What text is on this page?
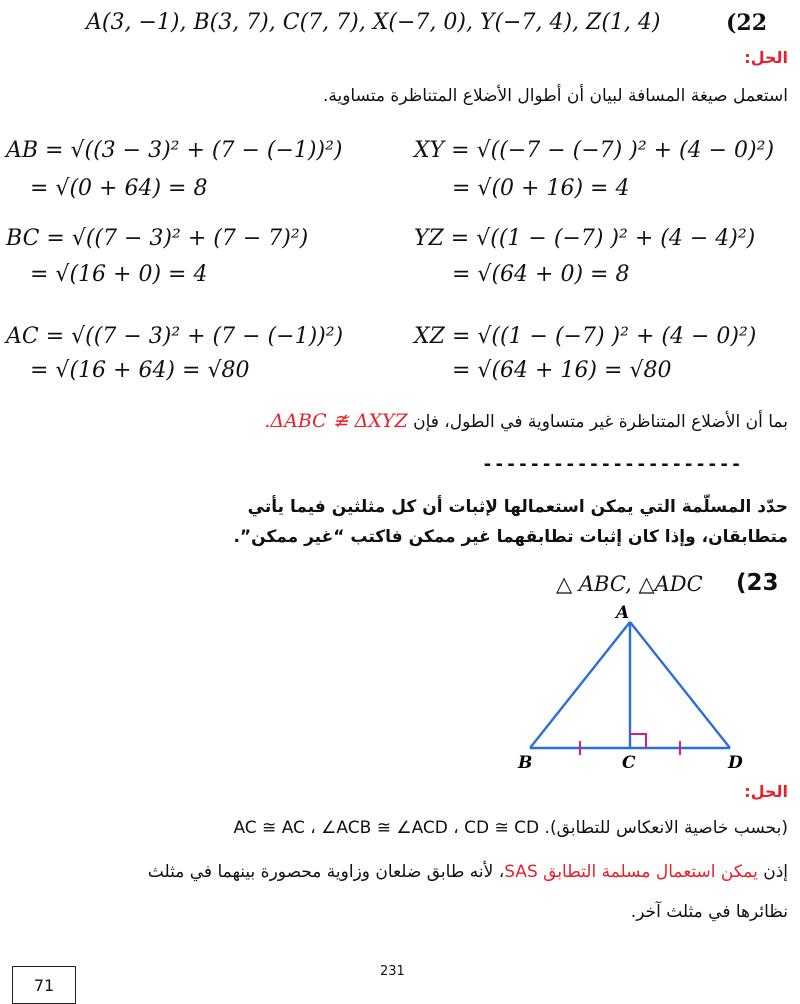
A(3, −1), B(3, 7), C(7, 7), X(−7, 0), Y(−7, 4), Z(1, 4)	(22
الحل:
استعمل صيغة المسافة لبيان أن أطوال الأضلاع المتناظرة متساوية.
AB = √((3 − 3)² + (7 − (−1))²)
= √(0 + 64) = 8
BC = √((7 − 3)² + (7 − 7)²)
= √(16 + 0) = 4
AC = √((7 − 3)² + (7 − (−1))²)
= √(16 + 64) = √80
XY = √((−7 − (−7) )² + (4 − 0)²)
= √(0 + 16) = 4
YZ = √((1 − (−7) )² + (4 − 4)²)
= √(64 + 0) = 8
XZ = √((1 − (−7) )² + (4 − 0)²)
= √(64 + 16) = √80
بما أن الأضلاع المتناظرة غير متساوية في الطول، فإن ΔABC ≇ ΔXYZ.
----------------------
حدّد المسلّمة التي يمكن استعمالها لإثبات أن كل مثلثين فيما يأتي
متطابقان، وإذا كان إثبات تطابقهما غير ممكن فاكتب “غير ممكن”.
△ ABC, △ADC (23
A
B	C	D
الحل:
(بحسب خاصية الانعكاس للتطابق). AC ≅ AC ، ∠ACB ≅ ∠ACD ، CD ≅ CD
إذن يمكن استعمال مسلمة التطابق SAS، لأنه طابق ضلعان وزاوية محصورة بينهما في مثلث
نظائرها في مثلث آخر.
71
231
